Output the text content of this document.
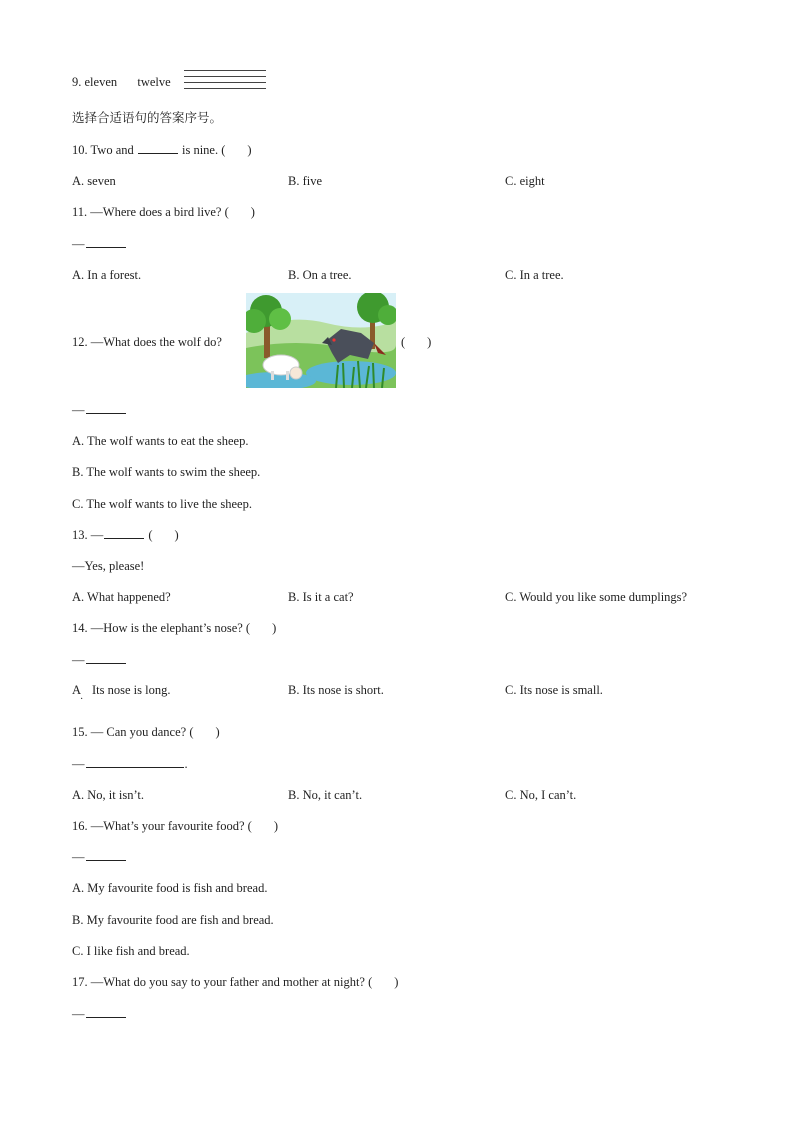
9. eleven twelve
选择合适语句的答案序号。
10. Two and	is nine. ( )
A. seven	B. five	C. eight
11. —Where does a bird live? ( )
—
A. In a forest.	B. On a tree.	C. In a tree.
12. —What does the wolf do?	( )
—
A. The wolf wants to eat the sheep.
B. The wolf wants to swim the sheep.
C. The wolf wants to live the sheep.
13. —	( )
—Yes, please!
A. What happened?	B. Is it a cat?	C. Would you like some dumplings?
14. —How is the elephant’s nose? ( )
—
A
·
Its nose is long.	B. Its nose is short.	C. Its nose is small.
15. — Can you dance? ( )
—	.
A. No, it isn’t.	B. No, it can’t.	C. No, I can’t.
16. —What’s your favourite food? ( )
—
A. My favourite food is fish and bread.
B. My favourite food are fish and bread.
C. I like fish and bread.
17. —What do you say to your father and mother at night? ( )
—
